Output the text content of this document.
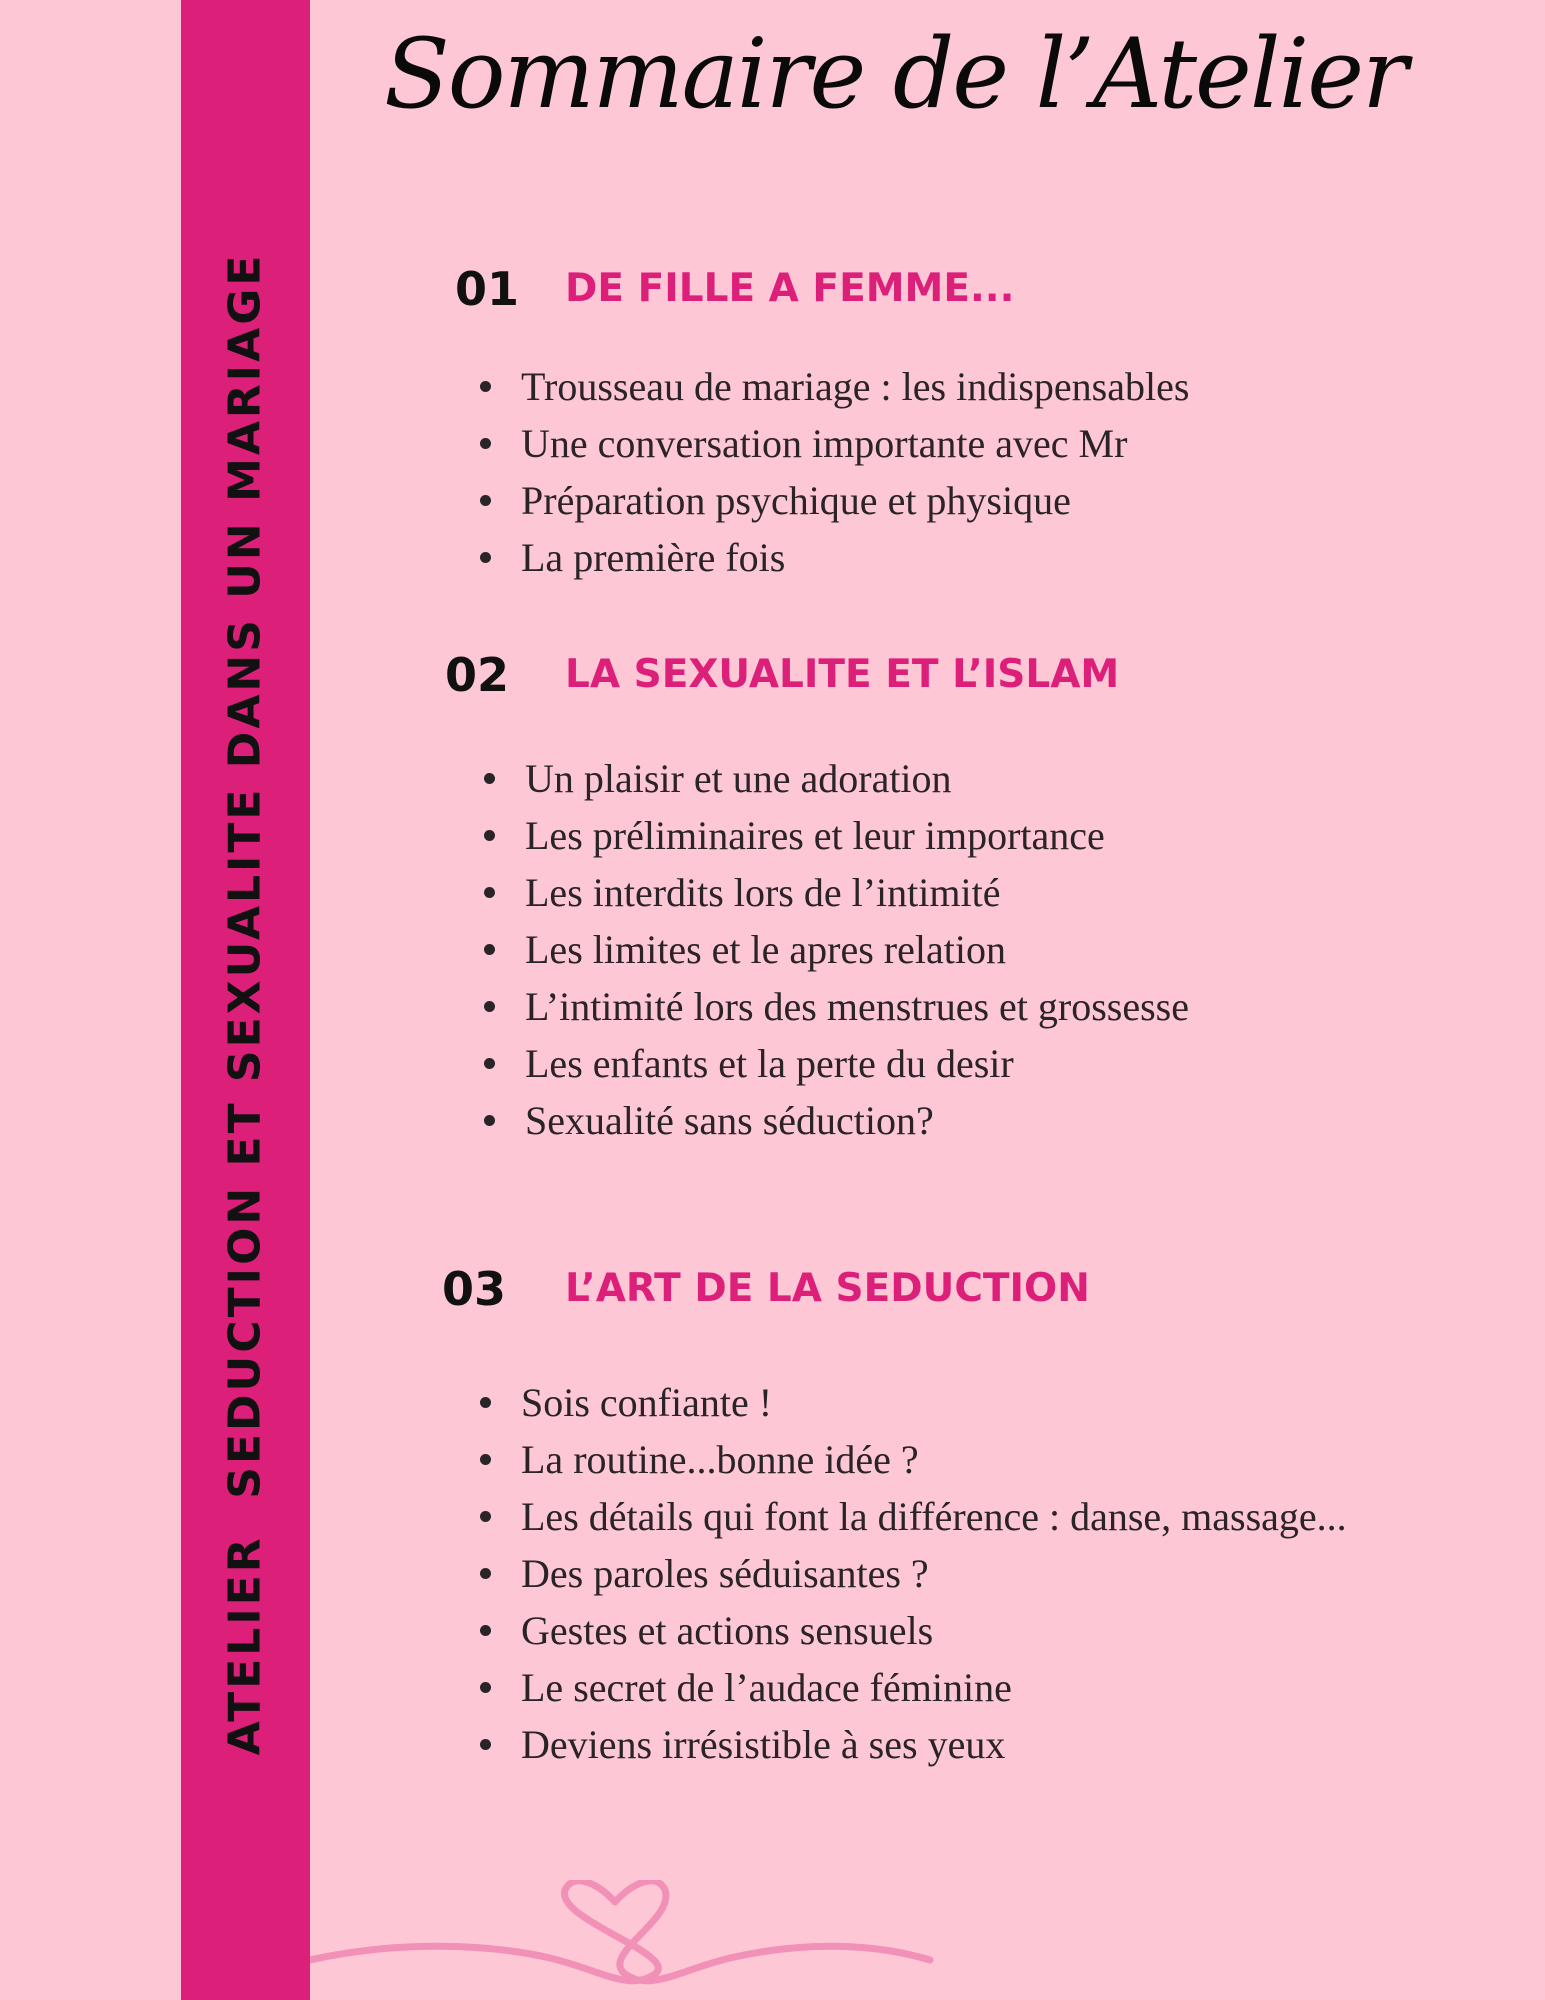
ATELIER  SEDUCTION ET SEXUALITE DANS UN MARIAGE
Sommaire de l’Atelier
01 DE FILLE A FEMME...
Trousseau de mariage : les indispensables
Une conversation importante avec Mr
Préparation psychique et physique
La première fois
02 LA SEXUALITE ET L’ISLAM
Un plaisir et une adoration
Les préliminaires et leur importance
Les interdits lors de l’intimité
Les limites et le apres relation
L’intimité lors des menstrues et grossesse
Les enfants et la perte du desir
Sexualité sans séduction?
03 L’ART DE LA SEDUCTION
Sois confiante !
La routine...bonne idée ?
Les détails qui font la différence : danse, massage...
Des paroles séduisantes ?
Gestes et actions sensuels
Le secret de l’audace féminine
Deviens irrésistible à ses yeux
